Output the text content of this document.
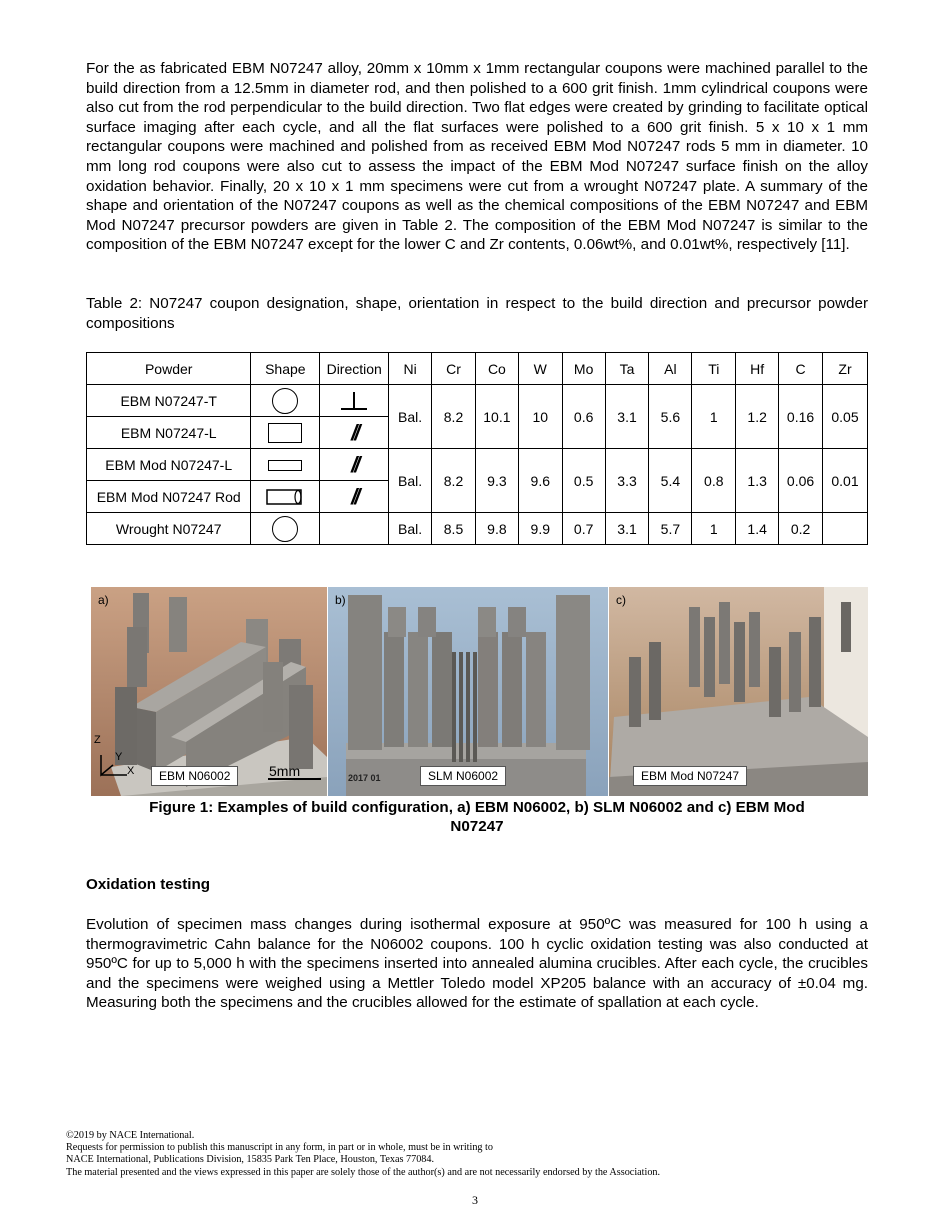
For the as fabricated EBM N07247 alloy, 20mm x 10mm x 1mm rectangular coupons were machined parallel to the build direction from a 12.5mm in diameter rod, and then polished to a 600 grit finish. 1mm cylindrical coupons were also cut from the rod perpendicular to the build direction. Two flat edges were created by grinding to facilitate optical surface imaging after each cycle, and all the flat surfaces were polished to a 600 grit finish. 5 x 10 x 1 mm rectangular coupons were machined and polished from as received EBM Mod N07247 rods 5 mm in diameter. 10 mm long rod coupons were also cut to assess the impact of the EBM Mod N07247 surface finish on the alloy oxidation behavior. Finally, 20 x 10 x 1 mm specimens were cut from a wrought N07247 plate. A summary of the shape and orientation of the N07247 coupons as well as the chemical compositions of the EBM N07247 and EBM Mod N07247 precursor powders are given in Table 2. The composition of the EBM Mod N07247 is similar to the composition of the EBM N07247 except for the lower C and Zr contents, 0.06wt%, and 0.01wt%, respectively [11].

Table 2: N07247 coupon designation, shape, orientation in respect to the build direction and precursor powder compositions

Powder	Shape	Direction	Ni	Cr	Co	W	Mo	Ta	Al	Ti	Hf	C	Zr
EBM N07247-T			Bal.	8.2	10.1	10	0.6	3.1	5.6	1	1.2	0.16	0.05
EBM N07247-L		//											
EBM Mod N07247-L		//	Bal.	8.2	9.3	9.6	0.5	3.3	5.4	0.8	1.3	0.06	0.01
EBM Mod N07247 Rod		//											
Wrought N07247			Bal.	8.5	9.8	9.9	0.7	3.1	5.7	1	1.4	0.2	
a)
Z
Y
X	EBM N06002	5mm
b)
2017 01	SLM N06002
c)
EBM Mod N07247
Figure 1: Examples of build configuration, a) EBM N06002, b) SLM N06002 and c) EBM Mod
N07247
Oxidation testing

Evolution of specimen mass changes during isothermal exposure at 950ºC was measured for 100 h using a thermogravimetric Cahn balance for the N06002 coupons. 100 h cyclic oxidation testing was also conducted at 950ºC for up to 5,000 h with the specimens inserted into annealed alumina crucibles. After each cycle, the crucibles and the specimens were weighed using a Mettler Toledo model XP205 balance with an accuracy of ±0.04 mg. Measuring both the specimens and the crucibles allowed for the estimate of spallation at each cycle.

©2019 by NACE International.
Requests for permission to publish this manuscript in any form, in part or in whole, must be in writing to
NACE International, Publications Division, 15835 Park Ten Place, Houston, Texas 77084.
The material presented and the views expressed in this paper are solely those of the author(s) and are not necessarily endorsed by the Association.
3
